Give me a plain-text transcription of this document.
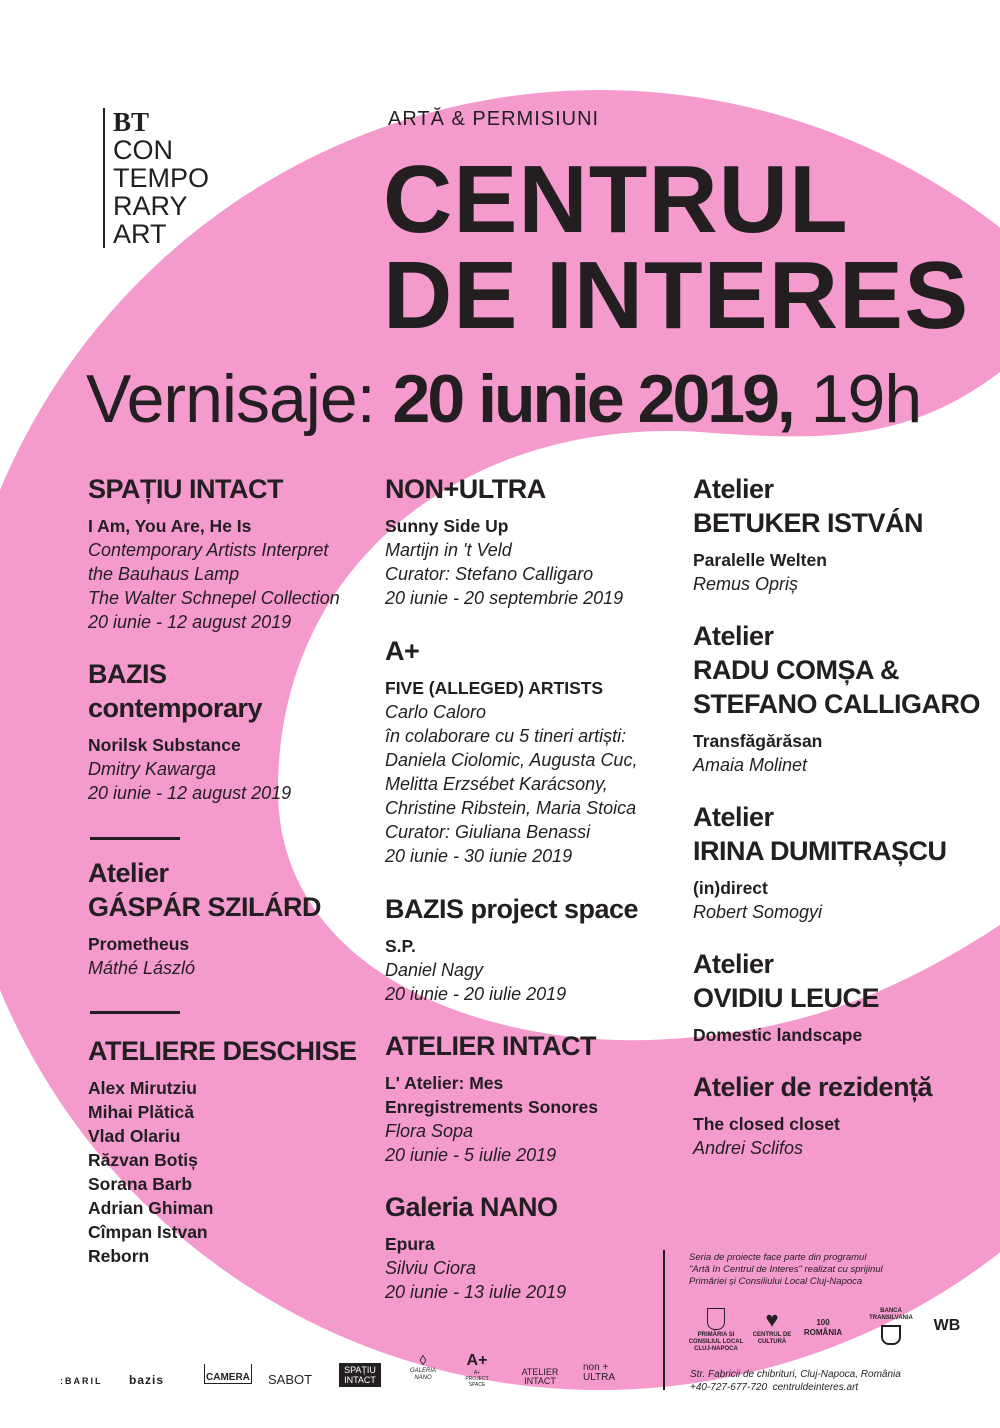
BT
CON
TEMPO
RARY
ART
ARTĂ & PERMISIUNI
CENTRUL
DE INTERES
Vernisaje: 20 iunie 2019, 19h
SPAȚIU INTACT
I Am, You Are, He Is
Contemporary Artists Interpret
the Bauhaus Lamp
The Walter Schnepel Collection
20 iunie - 12 august 2019
BAZIS
contemporary
Norilsk Substance
Dmitry Kawarga
20 iunie - 12 august 2019
Atelier
GÁSPÁR SZILÁRD
Prometheus
Máthé László
ATELIERE DESCHISE
Alex Mirutziu
Mihai Plătică
Vlad Olariu
Răzvan Botiș
Sorana Barb
Adrian Ghiman
Cîmpan Istvan
Reborn
NON+ULTRA
Sunny Side Up
Martijn in 't Veld
Curator: Stefano Calligaro
20 iunie - 20 septembrie 2019
A+
FIVE (ALLEGED) ARTISTS
Carlo Caloro
în colaborare cu 5 tineri artiști:
Daniela Ciolomic, Augusta Cuc,
Melitta Erzsébet Karácsony,
Christine Ribstein, Maria Stoica
Curator: Giuliana Benassi
20 iunie - 30 iunie 2019
BAZIS project space
S.P.
Daniel Nagy
20 iunie - 20 iulie 2019
ATELIER INTACT
L' Atelier: Mes
Enregistrements Sonores
Flora Sopa
20 iunie - 5 iulie 2019
Galeria NANO
Epura
Silviu Ciora
20 iunie - 13 iulie 2019
Atelier
BETUKER ISTVÁN
Paralelle Welten
Remus Opriș
Atelier
RADU COMȘA &
STEFANO CALLIGARO
Transfăgărăsan
Amaia Molinet
Atelier
IRINA DUMITRAȘCU
(in)direct
Robert Somogyi
Atelier
OVIDIU LEUCE
Domestic landscape
Atelier de rezidență
The closed closet
Andrei Sclifos
Seria de proiecte face parte din programul
"Artă în Centrul de Interes" realizat cu sprijinul
Primăriei și Consiliului Local Cluj-Napoca
PRIMĂRIA ȘI CONSILIUL LOCAL CLUJ-NAPOCA
♥
CENTRUL DE CULTURĂ
100 ROMÂNIA
BANCA TRANSILVANIA WB
Str. Fabricii de chibrituri, Cluj-Napoca, România
+40-727-677-720 centruldeinteres.art
:BARIL bazis	CAMERA SABOT
SPAȚIU INTACT
◊
GALERIA NANO
A+
A+ PROJECT SPACE
ATELIER INTACT
non + ULTRA
